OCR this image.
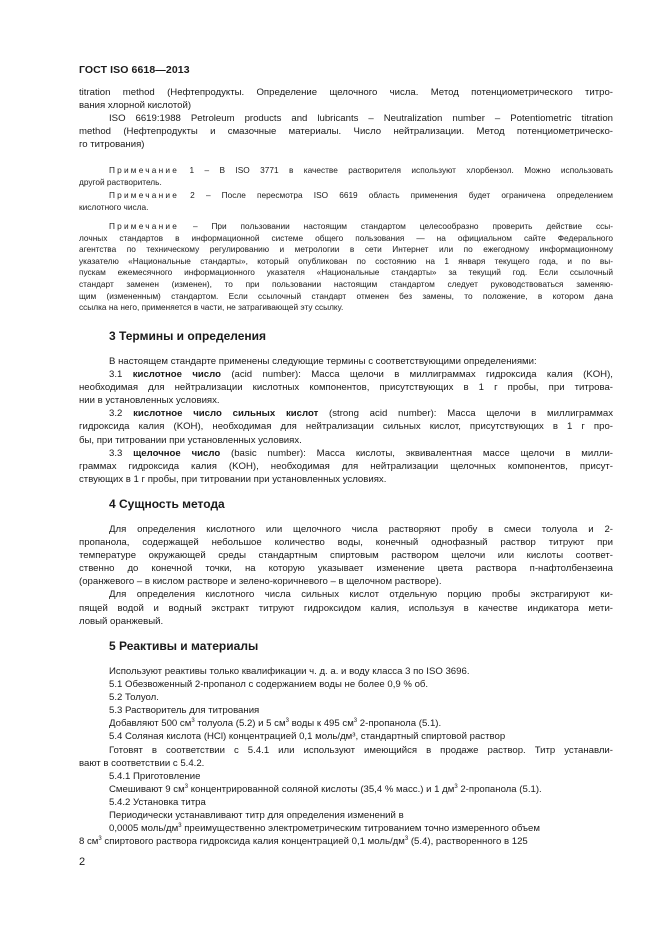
ГОСТ ISO 6618—2013

titration method (Нефтепродукты. Определение щелочного числа. Метод потенциометрического титро-

вания хлорной кислотой)

ISO 6619:1988 Petroleum products and lubricants – Neutralization number – Potentiometric titration

method (Нефтепродукты и смазочные материалы. Число нейтрализации. Метод потенциометрическо-

го титрования)

Примечание 1 – В ISO 3771 в качестве растворителя используют хлорбензол. Можно использовать

другой растворитель.

Примечание 2 – После пересмотра ISO 6619 область применения будет ограничена определением

кислотного числа.

Примечание – При пользовании настоящим стандартом целесообразно проверить действие ссы-

лочных стандартов в информационной системе общего пользования — на официальном сайте Федерального

агентства по техническому регулированию и метрологии в сети Интернет или по ежегодному информационному

указателю «Национальные стандарты», который опубликован по состоянию на 1 января текущего года, и по вы-

пускам ежемесячного информационного указателя «Национальные стандарты» за текущий год. Если ссылочный

стандарт заменен (изменен), то при пользовании настоящим стандартом следует руководствоваться заменяю-

щим (измененным) стандартом. Если ссылочный стандарт отменен без замены, то положение, в котором дана

ссылка на него, применяется в части, не затрагивающей эту ссылку.

3 Термины и определения

В настоящем стандарте применены следующие термины с соответствующими определениями:

3.1 кислотное число (acid number): Масса щелочи в миллиграммах гидроксида калия (KOH),

необходимая для нейтрализации кислотных компонентов, присутствующих в 1 г пробы, при титрова-

нии в установленных условиях.

3.2 кислотное число сильных кислот (strong acid number): Масса щелочи в миллиграммах

гидроксида калия (KOH), необходимая для нейтрализации сильных кислот, присутствующих в 1 г про-

бы, при титровании при установленных условиях.

3.3 щелочное число (basic number): Масса кислоты, эквивалентная массе щелочи в милли-

граммах гидроксида калия (KOH), необходимая для нейтрализации щелочных компонентов, присут-

ствующих в 1 г пробы, при титровании при установленных условиях.

4 Сущность метода

Для определения кислотного или щелочного числа растворяют пробу в смеси толуола и 2-

пропанола, содержащей небольшое количество воды, конечный однофазный раствор титруют при

температуре окружающей среды стандартным спиртовым раствором щелочи или кислоты соответ-

ственно до конечной точки, на которую указывает изменение цвета раствора п-нафтолбензеина

(оранжевого – в кислом растворе и зелено-коричневого – в щелочном растворе).

Для определения кислотного числа сильных кислот отдельную порцию пробы экстрагируют ки-

пящей водой и водный экстракт титруют гидроксидом калия, используя в качестве индикатора мети-

ловый оранжевый.

5 Реактивы и материалы

Используют реактивы только квалификации ч. д. а. и воду класса 3 по ISO 3696.

5.1 Обезвоженный 2-пропанол с содержанием воды не более 0,9 % об.

5.2 Толуол.

5.3 Растворитель для титрования

Добавляют 500 $см^3$ толуола (5.2) и 5 $см^3$ воды к 495 $см^3$ 2-пропанола (5.1).

5.4 Соляная кислота (HCl) концентрацией 0,1 моль/дм³, стандартный спиртовой раствор

Готовят в соответствии с 5.4.1 или используют имеющийся в продаже раствор. Титр устанавли-

вают в соответствии с 5.4.2.

5.4.1 Приготовление

Смешивают 9 $см^3$ концентрированной соляной кислоты (35,4 % масс.) и 1 $дм^3$ 2-пропанола (5.1).

5.4.2 Установка титра

Периодически устанавливают титр для определения изменений в

0,0005 моль/$дм^3$ преимущественно электрометрическим титрованием точно измеренного объем

8 $см^3$ спиртового раствора гидроксида калия концентрацией 0,1 моль/$дм^3$ (5.4), растворенного в 125

2
